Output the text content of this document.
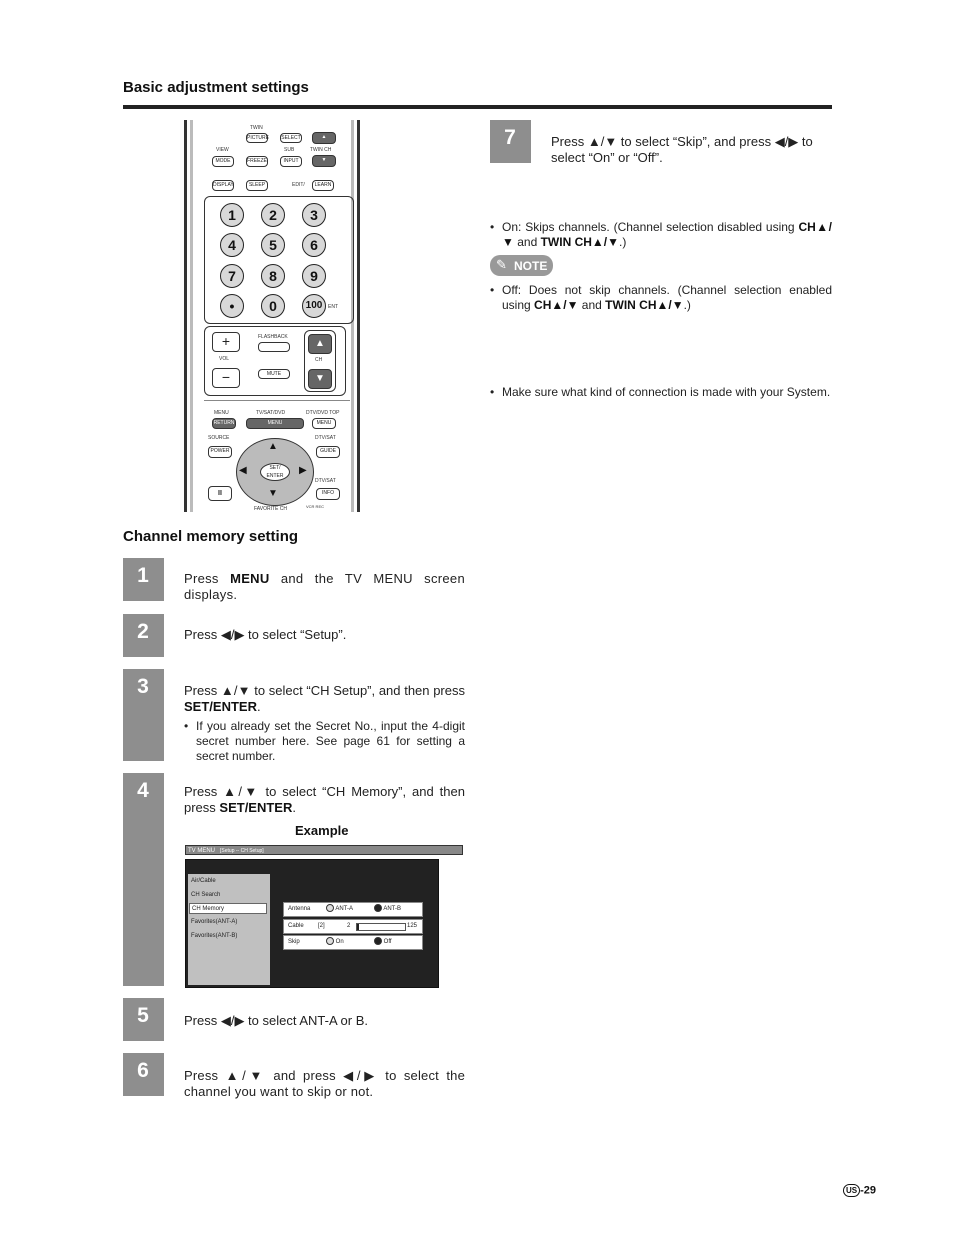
Basic adjustment settings
TWIN
PICTURE SELECT	▲
VIEW	SUB	TWIN CH
MODE	FREEZE	INPUT	▼
DISPLAY	SLEEP	EDIT/	LEARN
1	2	3
4	5	6
7	8	9
•	0	100	ENT
+
VOL
−
FLASHBACK
MUTE
▲
CH
▼
MENU	TV/SAT/DVD	DTV/DVD TOP
RETURN	MENU	MENU
SOURCE	DTV/SAT
POWER	GUIDE
SET/ ENTER
▲
▼
◀	▶
DTV/SAT
II	INFO
FAVORITE CH	VCR REC
Channel memory setting
1	Press MENU and the TV MENU screen displays.
2	Press ◀/▶ to select “Setup”.
3	Press ▲/▼ to select “CH Setup”, and then press SET/ENTER.
• If you already set the Secret No., input the 4-digit secret number here. See page 61 for setting a secret number.
4	Press ▲/▼ to select “CH Memory”, and then press SET/ENTER.
Example
TV MENU [Setup -- CH Setup]
Air/Cable
CH Search
CH Memory
Favorites(ANT-A)
Favorites(ANT-B)
Antenna	ANT-A	ANT-B
Cable [2]	2	125
Skip	On	Off
5	Press ◀/▶ to select ANT-A or B.
6	Press ▲/▼ and press ◀/▶ to select the channel you want to skip or not.
7	Press ▲/▼ to select “Skip”, and press ◀/▶ to select “On” or “Off”.
• On: Skips channels. (Channel selection disabled using CH▲/▼ and TWIN CH▲/▼.)
• Off: Does not skip channels. (Channel selection enabled using CH▲/▼ and TWIN CH▲/▼.)
✎ NOTE
• Make sure what kind of connection is made with your System.
US -29
